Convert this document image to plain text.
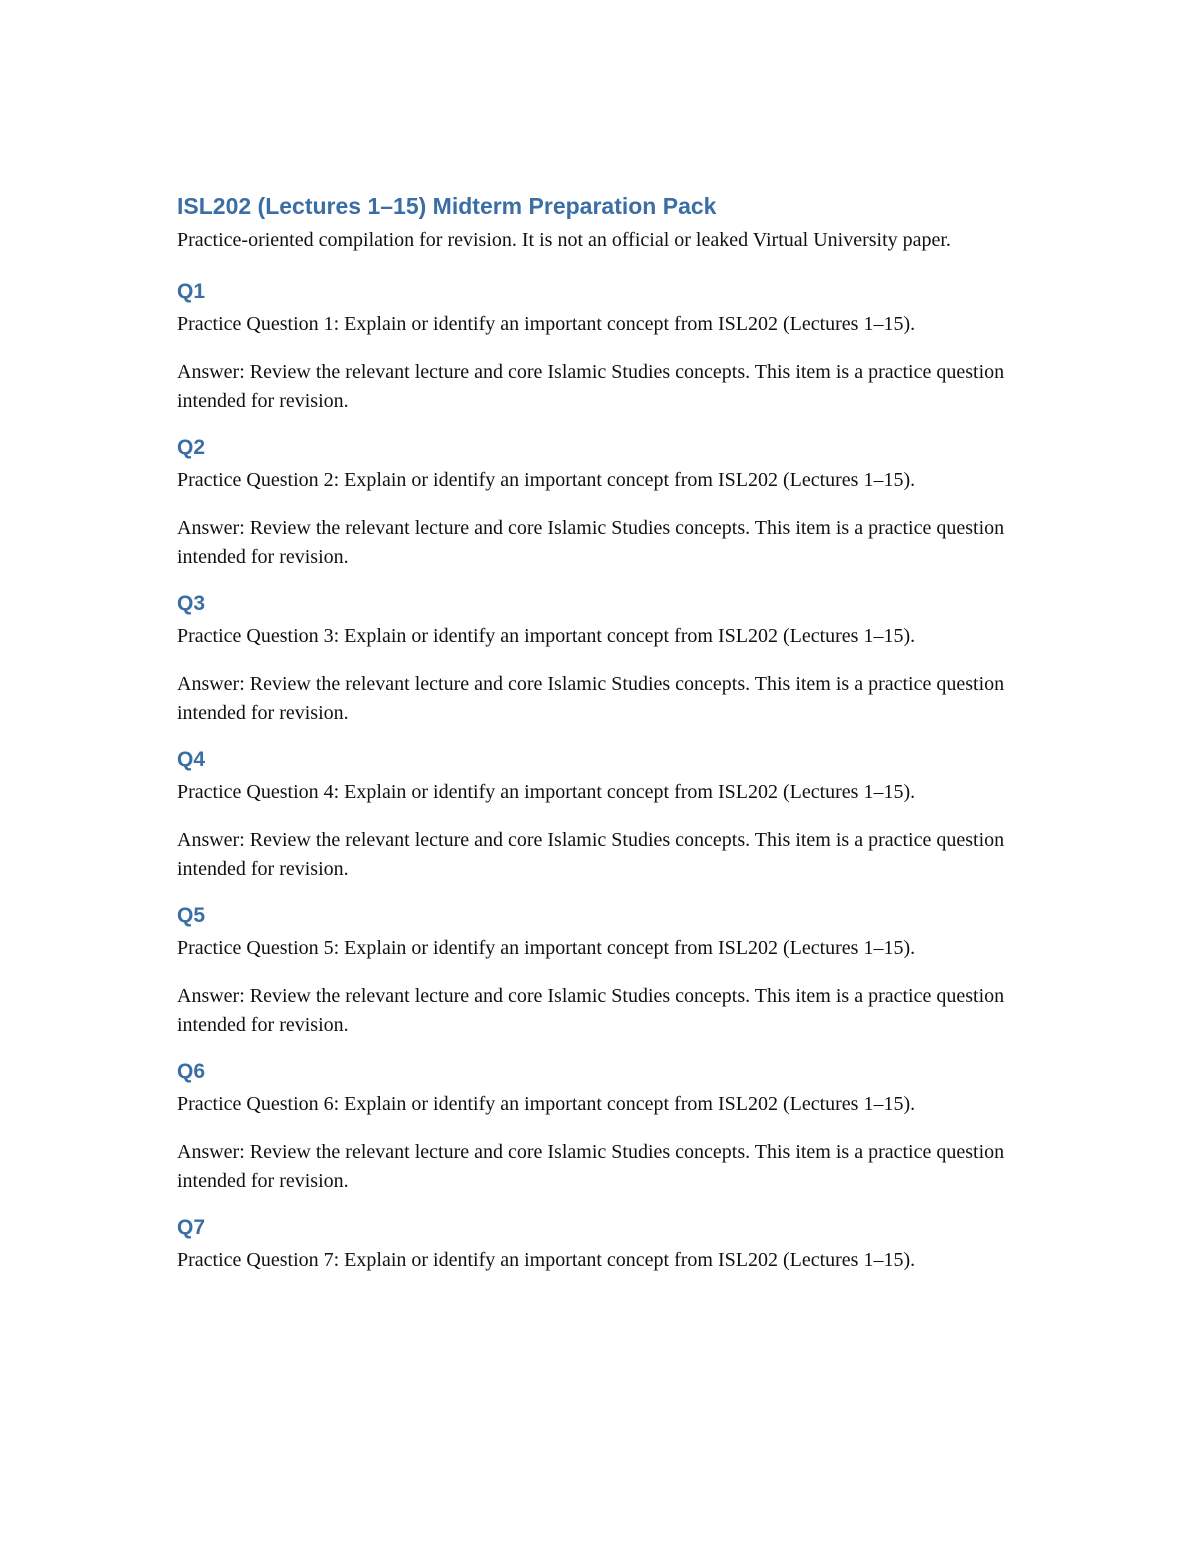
ISL202 (Lectures 1–15) Midterm Preparation Pack

Practice-oriented compilation for revision. It is not an official or leaked Virtual University paper.

Q1

Practice Question 1: Explain or identify an important concept from ISL202 (Lectures 1–15).

Answer: Review the relevant lecture and core Islamic Studies concepts. This item is a practice question intended for revision.

Q2

Practice Question 2: Explain or identify an important concept from ISL202 (Lectures 1–15).

Answer: Review the relevant lecture and core Islamic Studies concepts. This item is a practice question intended for revision.

Q3

Practice Question 3: Explain or identify an important concept from ISL202 (Lectures 1–15).

Answer: Review the relevant lecture and core Islamic Studies concepts. This item is a practice question intended for revision.

Q4

Practice Question 4: Explain or identify an important concept from ISL202 (Lectures 1–15).

Answer: Review the relevant lecture and core Islamic Studies concepts. This item is a practice question intended for revision.

Q5

Practice Question 5: Explain or identify an important concept from ISL202 (Lectures 1–15).

Answer: Review the relevant lecture and core Islamic Studies concepts. This item is a practice question intended for revision.

Q6

Practice Question 6: Explain or identify an important concept from ISL202 (Lectures 1–15).

Answer: Review the relevant lecture and core Islamic Studies concepts. This item is a practice question intended for revision.

Q7

Practice Question 7: Explain or identify an important concept from ISL202 (Lectures 1–15).
